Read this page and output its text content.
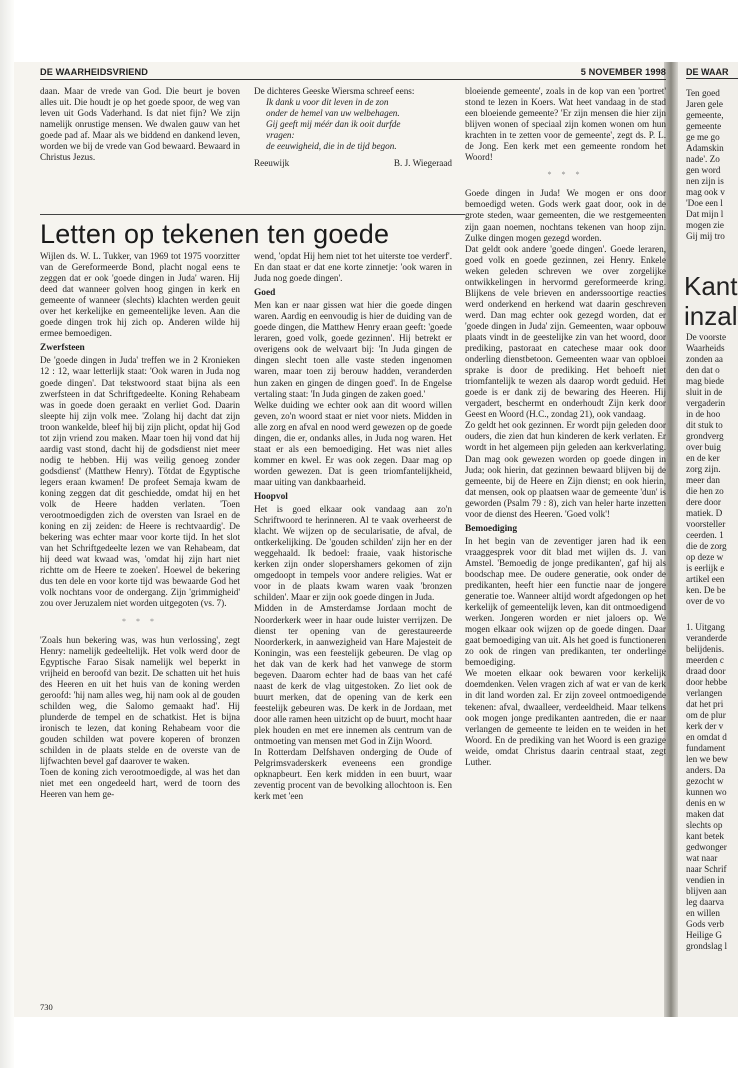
DE WAARHEIDSVRIEND	5 NOVEMBER 1998

daan. Maar de vrede van God. Die beurt je boven alles uit. Die houdt je op het goede spoor, de weg van leven uit Gods Vaderhand. Is dat niet fijn? We zijn namelijk onrustige mensen. We dwalen gauw van het goede pad af. Maar als we biddend en dankend leven, worden we bij de vrede van God bewaard. Bewaard in Christus Jezus.

De dichteres Geeske Wiersma schreef eens:

Ik dank u voor dit leven in de zon

onder de hemel van uw welbehagen.

Gij geeft mij méér dan ik ooit durfde

vragen:

de eeuwigheid, die in de tijd begon.

Reeuwijk	B. J. Wiegeraad
Letten op tekenen ten goede

Wijlen ds. W. L. Tukker, van 1969 tot 1975 voorzitter van de Gereformeerde Bond, placht nogal eens te zeggen dat er ook 'goede dingen in Juda' waren. Hij deed dat wanneer golven hoog gingen in kerk en gemeente of wanneer (slechts) klachten werden geuit over het kerkelijke en gemeentelijke leven. Aan die goede dingen trok hij zich op. Anderen wilde hij ermee bemoedigen.

Zwerfsteen

De 'goede dingen in Juda' treffen we in 2 Kronieken 12 : 12, waar letterlijk staat: 'Ook waren in Juda nog goede dingen'. Dat tekstwoord staat bijna als een zwerfsteen in dat Schriftgedeelte. Koning Rehabeam was in goede doen geraakt en verliet God. Daarin sleepte hij zijn volk mee. 'Zolang hij dacht dat zijn troon wankelde, bleef hij bij zijn plicht, opdat hij God tot zijn vriend zou maken. Maar toen hij vond dat hij aardig vast stond, dacht hij de godsdienst niet meer nodig te hebben. Hij was veilig genoeg zonder godsdienst' (Matthew Henry). Tötdat de Egyptische legers eraan kwamen! De profeet Semaja kwam de koning zeggen dat dit geschiedde, omdat hij en het volk de Heere hadden verlaten. 'Toen verootmoedigden zich de oversten van Israel en de koning en zij zeiden: de Heere is rechtvaardig'. De bekering was echter maar voor korte tijd. In het slot van het Schriftgedeelte lezen we van Rehabeam, dat hij deed wat kwaad was, 'omdat hij zijn hart niet richtte om de Heere te zoeken'. Hoewel de bekering dus ten dele en voor korte tijd was bewaarde God het volk nochtans voor de ondergang. Zijn 'grimmigheid' zou over Jeruzalem niet worden uitgegoten (vs. 7).

* * *

'Zoals hun bekering was, was hun verlossing', zegt Henry: namelijk gedeeltelijk. Het volk werd door de Egyptische Farao Sisak namelijk wel beperkt in vrijheid en beroofd van bezit. De schatten uit het huis des Heeren en uit het huis van de koning werden geroofd: 'hij nam alles weg, hij nam ook al de gouden schilden weg, die Salomo gemaakt had'. Hij plunderde de tempel en de schatkist. Het is bijna ironisch te lezen, dat koning Rehabeam voor die gouden schilden wat povere koperen of bronzen schilden in de plaats stelde en de overste van de lijfwachten bevel gaf daarover te waken.

Toen de koning zich verootmoedigde, al was het dan niet met een ongedeeld hart, werd de toorn des Heeren van hem ge-

wend, 'opdat Hij hem niet tot het uiterste toe verderf'. En dan staat er dat ene korte zinnetje: 'ook waren in Juda nog goede dingen'.

Goed

Men kan er naar gissen wat hier die goede dingen waren. Aardig en eenvoudig is hier de duiding van de goede dingen, die Matthew Henry eraan geeft: 'goede leraren, goed volk, goede gezinnen'. Hij betrekt er overigens ook de welvaart bij: 'In Juda gingen de dingen slecht toen alle vaste steden ingenomen waren, maar toen zij berouw hadden, veranderden hun zaken en gingen de dingen goed'. In de Engelse vertaling staat: 'In Juda gingen de zaken goed.'

Welke duiding we echter ook aan dit woord willen geven, zo'n woord staat er niet voor niets. Midden in alle zorg en afval en nood werd gewezen op de goede dingen, die er, ondanks alles, in Juda nog waren. Het staat er als een bemoediging. Het was niet alles kommer en kwel. Er was ook zegen. Daar mag op worden gewezen. Dat is geen triomfantelijkheid, maar uiting van dankbaarheid.

Hoopvol

Het is goed elkaar ook vandaag aan zo'n Schriftwoord te herinneren. Al te vaak overheerst de klacht. We wijzen op de secularisatie, de afval, de ontkerkelijking. De 'gouden schilden' zijn her en der weggehaald. Ik bedoel: fraaie, vaak historische kerken zijn onder slopershamers gekomen of zijn omgedoopt in tempels voor andere religies. Wat er voor in de plaats kwam waren vaak 'bronzen schilden'. Maar er zijn ook goede dingen in Juda.

Midden in de Amsterdamse Jordaan mocht de Noorderkerk weer in haar oude luister verrijzen. De dienst ter opening van de gerestaureerde Noorderkerk, in aanwezigheid van Hare Majesteit de Koningin, was een feestelijk gebeuren. De vlag op het dak van de kerk had het vanwege de storm begeven. Daarom echter had de baas van het café naast de kerk de vlag uitgestoken. Zo liet ook de buurt merken, dat de opening van de kerk een feestelijk gebeuren was. De kerk in de Jordaan, met door alle ramen heen uitzicht op de buurt, mocht haar plek houden en met ere innemen als centrum van de ontmoeting van mensen met God in Zijn Woord.

In Rotterdam Delfshaven onderging de Oude of Pelgrimsvaderskerk eveneens een grondige opknapbeurt. Een kerk midden in een buurt, waar zeventig procent van de bevolking allochtoon is. Een kerk met 'een

bloeiende gemeente', zoals in de kop van een 'portret' stond te lezen in Koers. Wat heet vandaag in de stad een bloeiende gemeente? 'Er zijn mensen die hier zijn blijven wonen of speciaal zijn komen wonen om hun krachten in te zetten voor de gemeente', zegt ds. P. L. de Jong. Een kerk met een gemeente rondom het Woord!

* * *

Goede dingen in Juda! We mogen er ons door bemoedigd weten. Gods werk gaat door, ook in de grote steden, waar gemeenten, die we restgemeenten zijn gaan noemen, nochtans tekenen van hoop zijn. Zulke dingen mogen gezegd worden.

Dat geldt ook andere 'goede dingen'. Goede leraren, goed volk en goede gezinnen, zei Henry. Enkele weken geleden schreven we over zorgelijke ontwikkelingen in hervormd gereformeerde kring. Blijkens de vele brieven en anderssoortige reacties werd onderkend en herkend wat daarin geschreven werd. Dan mag echter ook gezegd worden, dat er 'goede dingen in Juda' zijn. Gemeenten, waar opbouw plaats vindt in de geestelijke zin van het woord, door prediking, pastoraat en catechese maar ook door onderling dienstbetoon. Gemeenten waar van opbloei sprake is door de prediking. Het behoeft niet triomfantelijk te wezen als daarop wordt geduid. Het goede is er dank zij de bewaring des Heeren. Hij vergadert, beschermt en onderhoudt Zijn kerk door Geest en Woord (H.C., zondag 21), ook vandaag.

Zo geldt het ook gezinnen. Er wordt pijn geleden door ouders, die zien dat hun kinderen de kerk verlaten. Er wordt in het algemeen pijn geleden aan kerkverlating. Dan mag ook gewezen worden op goede dingen in Juda; ook hierin, dat gezinnen bewaard blijven bij de gemeente, bij de Heere en Zijn dienst; en ook hierin, dat mensen, ook op plaatsen waar de gemeente 'dun' is geworden (Psalm 79 : 8), zich van heler harte inzetten voor de dienst des Heeren. 'Goed volk'!

Bemoediging

In het begin van de zeventiger jaren had ik een vraaggesprek voor dit blad met wijlen ds. J. van Amstel. 'Bemoedig de jonge predikanten', gaf hij als boodschap mee. De oudere generatie, ook onder de predikanten, heeft hier een functie naar de jongere generatie toe. Wanneer altijd wordt afgedongen op het kerkelijk of gemeentelijk leven, kan dit ontmoedigend werken. Jongeren worden er niet jaloers op. We mogen elkaar ook wijzen op de goede dingen. Daar gaat bemoediging van uit. Als het goed is functioneren zo ook de ringen van predikanten, ter onderlinge bemoediging.

We moeten elkaar ook bewaren voor kerkelijk doemdenken. Velen vragen zich af wat er van de kerk in dit land worden zal. Er zijn zoveel ontmoedigende tekenen: afval, dwaalleer, verdeeldheid. Maar telkens ook mogen jonge predikanten aantreden, die er naar verlangen de gemeente te leiden en te weiden in het Woord. En de prediking van het Woord is een grazige weide, omdat Christus daarin centraal staat, zegt Luther.

730
DE WAAR
Ten goed
Jaren gele
gemeente,
gemeente
ge me go
Adamskin
nade'. Zo
gen word
nen zijn is
mag ook v
'Doe een l
Dat mijn l
mogen zie
Gij mij tro
Kant
inzal
De voorste
Waarheids
zonden aa
den dat o
mag biede
sluit in de
vergaderin
in de hoo
dit stuk to
grondverg
over buig
en de ker
zorg zijn.
meer dan
die hen zo
dere door
matiek. D
voorsteller
ceerden. 1
die de zorg
op deze w
is eerlijk e
artikel een
ken. De be
over de vo
1. Uitgang
veranderde
belijdenis.
meerden c
draad door
door hebbe
verlangen
dat het pri
om de plur
kerk der v
en omdat d
fundament
len we bew
anders. Da
gezocht w
kunnen wo
denis en w
maken dat
slechts op
kant betek
gedwonger
wat naar
naar Schrif
vendien in
blijven aan
leg daarva
en willen
Gods verb
Heilige G
grondslag l
